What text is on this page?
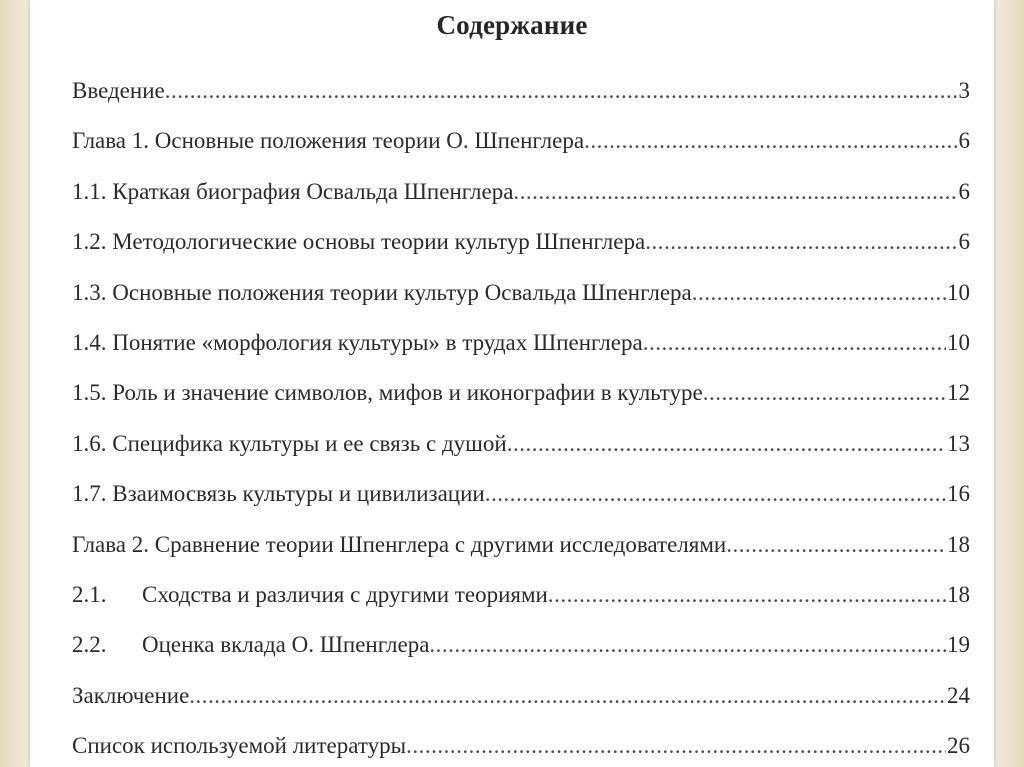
Содержание
Введение .....	3
Глава 1. Основные положения теории О. Шпенглера .....	6
1.1. Краткая биография Освальда Шпенглера .....	6
1.2. Методологические основы теории культур Шпенглера .....	6
1.3. Основные положения теории культур Освальда Шпенглера .....	10
1.4. Понятие «морфология культуры» в трудах Шпенглера .....	10
1.5. Роль и значение символов, мифов и иконографии в культуре .....	12
1.6. Специфика культуры и ее связь с душой .....	13
1.7. Взаимосвязь культуры и цивилизации .....	16
Глава 2. Сравнение теории Шпенглера с другими исследователями .....	18
2.1. Сходства и различия с другими теориями .....	18
2.2. Оценка вклада О. Шпенглера .....	19
Заключение .....	24
Список используемой литературы .....	26
